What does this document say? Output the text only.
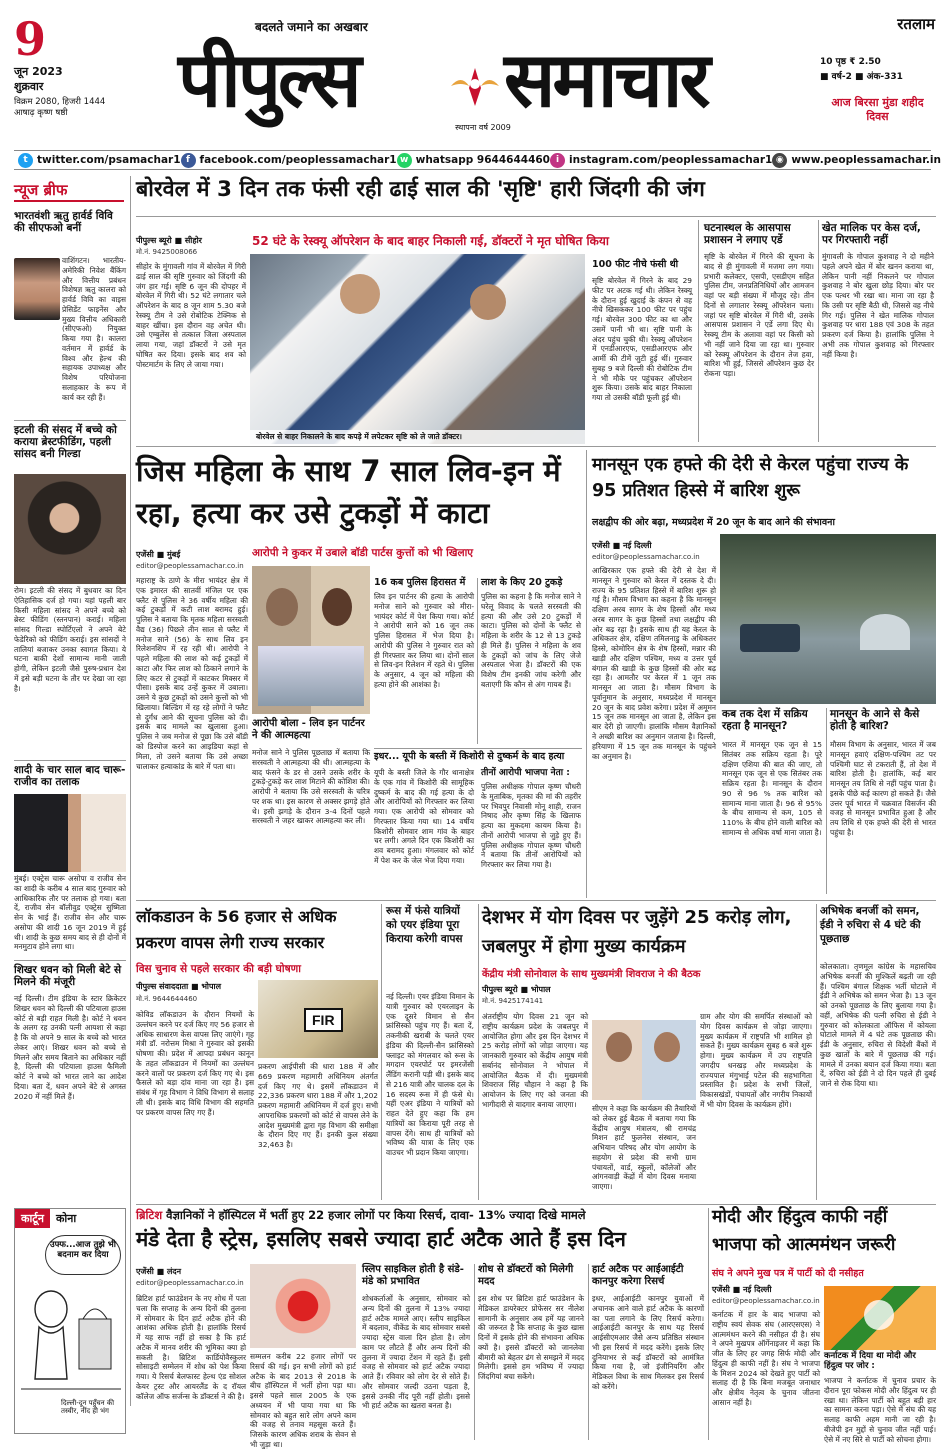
9
जून 2023
शुक्रवार
विक्रम 2080, हिजरी 1444
आषाढ़ कृष्ण षष्ठी
बदलते जमाने का अखबार
पीपुल्स	समाचार
स्थापना वर्ष 2009
रतलाम
10 पृष्ठ ₹ 2.50
■ वर्ष-2 ■ अंक-331
आज बिरसा मुंडा शहीद दिवस
t twitter.com/psamachar1 f facebook.com/peoplessamachar1 w whatsapp 9644644460 i instagram.com/peoplessamachar1 ◉ www.peoplessamachar.in
न्यूज ब्रीफ
भारतवंशी ऋतु हार्वर्ड विवि की सीएफओ बनीं
वाशिंगटन। भारतीय-अमेरिकी निवेश बैंकिंग और वित्तीय प्रबंधन विशेषज्ञ ऋतु कालरा को हार्वर्ड विवि का वाइस प्रेसिडेंट फाइनेंस और मुख्य वित्तीय अधिकारी (सीएफओ) नियुक्त किया गया है। कालरा वर्तमान में हार्वर्ड के विश्व और हेल्थ की सहायक उपाध्यक्ष और विशेष परियोजना सलाहकार के रूप में कार्य कर रही हैं।
इटली की संसद में बच्चे को कराया ब्रेस्टफीडिंग, पहली सांसद बनी गिल्डा
रोम। इटली की संसद में बुधवार का दिन ऐतिहासिक दर्ज हो गया। यहां पहली बार किसी महिला सांसद ने अपने बच्चे को ब्रेस्ट फीडिंग (स्तनपान) कराई। महिला सांसद गिल्डा स्पोर्टिएलो ने अपने बेटे फेडेरिको को फीडिंग कराई। इस सांसदों ने तालियां बजाकर उनका स्वागत किया। ये घटना बाकी देशों सामान्य मानी जाती होगी, लेकिन इटली जैसे पुरुष-प्रधान देश में इसे बड़ी घटना के तौर पर देखा जा रहा है।
शादी के चार साल बाद चारू-राजीव का तलाक
मुंबई। एक्ट्रेस चारू असोपा व राजीव सेन का शादी के करीब 4 साल बाद गुरुवार को आधिकारिक तौर पर तलाक हो गया। बता दें, राजीव सेन बॉलीवुड एक्ट्रेस सुष्मिता सेन के भाई हैं। राजीव सेन और चारू असोपा की शादी 16 जून 2019 में हुई थी। शादी के कुछ समय बाद से ही दोनों में मनमुटाव होने लगा था।
शिखर धवन को मिली बेटे से मिलने की मंजूरी
नई दिल्ली। टीम इंडिया के स्टार क्रिकेटर शिखर धवन को दिल्ली की पटियाला हाउस कोर्ट से बड़ी राहत मिली है। कोर्ट ने धवन के अलग रह उनकी पत्नी आयशा से कहा है कि वो अपने 9 साल के बच्चे को भारत लेकर आएं। शिखर धवन को बच्चे से मिलने और समय बिताने का अधिकार नहीं है, दिल्ली की पटियाला हाउस फैमिली कोर्ट ने बच्चे को भारत लाने का आदेश दिया। बता दें, धवन अपने बेटे से अगस्त 2020 में नहीं मिले हैं।
कार्टून	कोना
उफ्फ...आज तुझे भी बदनाम कर दिया
दिल्ली-दून पहुँचन की तस्वीर, नींद ही भंग
बोरवेल में 3 दिन तक फंसी रही ढाई साल की 'सृष्टि' हारी जिंदगी की जंग
पीपुल्स ब्यूरो ■ सीहोर
मो.नं. 9425008066
52 घंटे के रेस्क्यू ऑपरेशन के बाद बाहर निकाली गई, डॉक्टरों ने मृत घोषित किया
सीहोर के मुंगावली गांव में बोरवेल में गिरी ढाई साल की सृष्टि गुरुवार को जिंदगी की जंग हार गई। सृष्टि 6 जून की दोपहर में बोरवेल में गिरी थी। 52 घंटे लगातार चले ऑपरेशन के बाद 8 जून शाम 5.30 बजे रेस्क्यू टीम ने उसे रोबोटिक टेक्निक से बाहर खींचा। इस दौरान वह अचेत थी। उसे एम्बुलेंस से तत्काल जिला अस्पताल लाया गया, जहां डॉक्टरों ने उसे मृत घोषित कर दिया। इसके बाद शव को पोस्टमार्टम के लिए ले जाया गया।
बोरवेल से बाहर निकालने के बाद कपड़े में लपेटकर सृष्टि को ले जाते डॉक्टर।
100 फीट नीचे फंसी थी
सृष्टि बोरवेल में गिरने के बाद 29 फीट पर अटक गई थी। लेकिन रेस्क्यू के दौरान हुई खुदाई के कंपन से वह नीचे खिसककर 100 फीट पर पहुंच गई। बोरवेल 300 फीट का था और उसमें पानी भी था। सृष्टि पानी के अंदर पहुंच चुकी थी। रेस्क्यू ऑपरेशन में एनडीआरएफ, एसडीआरएफ और आर्मी की टीमें जुटी हुई थीं। गुरुवार सुबह 9 बजे दिल्ली की रोबोटिक टीम ने भी मौके पर पहुंचकर ऑपरेशन शुरू किया। उसके बाद बाहर निकाला गया तो उसकी बॉडी फूली हुई थी।
घटनास्थल के आसपास प्रशासन ने लगाए एर्डे
सृष्टि के बोरवेल में गिरने की सूचना के बाद से ही मुंगावली में मजमा लग गया। प्रभारी कलेक्टर, एसपी, एसडीएम सहित पुलिस टीम, जनप्रतिनिधियों और आमजन वहां पर बड़ी संख्या में मौजूद रहे। तीन दिनों से लगातार रेस्क्यू ऑपरेशन चला। जहां पर सृष्टि बोरवेल में गिरी थी, उसके आसपास प्रशासन ने एर्डे लगा दिए थे। रेस्क्यू टीम के अलावा वहां पर किसी को भी नहीं जाने दिया जा रहा था। गुरुवार को रेस्क्यू ऑपरेशन के दौरान तेज हवा, बारिश भी हुई, जिससे ऑपरेशन कुछ देर रोकना पड़ा।
खेत मालिक पर केस दर्ज, पर गिरफ्तारी नहीं
मुंगावली के गोपाल कुशवाह ने दो महीने पहले अपने खेत में बोर खनन कराया था, लेकिन पानी नहीं निकलने पर गोपाल कुशवाह ने बोर खुला छोड़ दिया। बोर पर एक पत्थर भी रखा था। माना जा रहा है कि उसी पर सृष्टि बैठी थी, जिससे वह नीचे गिर गई। पुलिस ने खेत मालिक गोपाल कुशवाह पर धारा 188 एवं 308 के तहत प्रकरण दर्ज किया है। हालांकि पुलिस ने अभी तक गोपाल कुशवाह को गिरफ्तार नहीं किया है।
जिस महिला के साथ 7 साल लिव-इन में रहा, हत्या कर उसे टुकड़ों में काटा
एजेंसी ■ मुंबई
editor@peoplessamachar.co.in
आरोपी ने कुकर में उबाले बॉडी पार्टस कुत्तों को भी खिलाए
महाराष्ट्र के ठाणे के मीरा भायंदर क्षेत्र में एक इमारत की सातवीं मंजिल पर एक फ्लैट से पुलिस ने 36 वर्षीय महिला की कई टुकड़ों में कटी लाश बरामद हुई। पुलिस ने बताया कि मृतक महिला सरस्वती वैद्य (36) पिछले तीन साल से फ्लैट में मनोज साने (56) के साथ लिव इन रिलेशनशिप में रह रही थी। आरोपी ने पहले महिला की लाश को कई टुकड़ों में काटा और फिर लाश को ठिकाने लगाने के लिए कटर से टुकड़ों में काटकर मिक्सर में पीसा। इसके बाद उन्हें कुकर में उबाला। उसने ये कुछ टुकड़ों को उसने कुत्तों को भी खिलाया। बिल्डिंग में रह रहे लोगों ने फ्लैट से दुर्गंध आने की सूचना पुलिस को दी। इसके बाद मामले का खुलासा हुआ। पुलिस ने जब मनोज से पूछा कि उसे बॉडी को डिस्पोज करने का आइडिया कहां से मिला, तो उसने बताया कि उसे अच्छा चालाकर हत्याकांड के बारे में पता था।
आरोपी बोला - लिव इन पार्टनर ने की आत्महत्या
मनोज साने ने पुलिस पूछताछ में बताया कि सरस्वती ने आत्महत्या की थी। आत्महत्या के बाद फंसने के डर से उसने उसके शरीर के टुकड़े-टुकड़े कर लाश मिटाने की कोशिश की। आरोपी ने बताया कि उसे सरस्वती के चरित्र पर शक था। इस कारण से अक्सर झगड़े होते थे। इसी झगड़े के दौरान 3-4 दिनों पहले सरस्वती ने जहर खाकर आत्महत्या कर ली।
16 कब पुलिस हिरासत में
लिव इन पार्टनर की हत्या के आरोपी मनोज साने को गुरुवार को मीरा-भायंदर कोर्ट में पेश किया गया। कोर्ट ने आरोपी साने को 16 जून तक पुलिस हिरासत में भेज दिया है। आरोपी की पुलिस ने गुरुवार रात को ही गिरफ्तार कर लिया था। दोनों साल से लिव-इन रिलेशन में रहते थे। पुलिस के अनुसार, 4 जून को महिला की हत्या होने की आशंका है।
लाश के किए 20 टुकड़े
पुलिस का कहना है कि मनोज साने ने घरेलू विवाद के चलते सरस्वती की हत्या की और उसे 20 टुकड़ों में काटा। पुलिस को दोनों के फ्लैट से महिला के शरीर के 12 से 13 टुकड़े ही मिले हैं। पुलिस ने महिला के शव के टुकड़ों को जांच के लिए जेजे अस्पताल भेजा है। डॉक्टरों की एक विशेष टीम इनकी जांच करेगी और बताएगी कि कौन से अंग गायब हैं।
इधर... यूपी के बस्ती में किशोरी से दुष्कर्म के बाद हत्या
यूपी के बस्ती जिले के गौर थानाक्षेत्र के एक गांव में किशोरी की सामूहिक दुष्कर्म के बाद की गई हत्या के दो और आरोपियों को गिरफ्तार कर लिया गया। एक आरोपी को सोमवार को गिरफ्तार किया गया था। 14 वर्षीय किशोरी सोमवार शाम गांव के बाहर चर लगी। अगले दिन एक किशोरी का शव बरामद हुआ। मंगलवार को कोर्ट में पेश कर के जेल भेज दिया गया।
तीनों आरोपी भाजपा नेता :
पुलिस अधीक्षक गोपाल कृष्ण चौधरी के मुताबिक, मृतका की मां की तहरीर पर भिवपुर निवासी मोनू शाही, राजन निषाद और कृष्ण सिंह के खिलाफ हत्या का मुकदमा कायम किया है। तीनों आरोपी भाजपा से जुड़े हुए हैं। पुलिस अधीक्षक गोपाल कृष्ण चौधरी ने बताया कि तीनों आरोपियों को गिरफ्तार कर लिया गया है।
मानसून एक हफ्ते की देरी से केरल पहुंचा राज्य के 95 प्रतिशत हिस्से में बारिश शुरू
लक्षद्वीप की ओर बढ़ा, मध्यप्रदेश में 20 जून के बाद आने की संभावना
एजेंसी ■ नई दिल्ली
editor@peoplessamachar.co.in
आखिरकार एक हफ्ते की देरी से देश में मानसून ने गुरुवार को केरल में दस्तक दे दी। राज्य के 95 प्रतिशत हिस्से में बारिश शुरू हो गई है। मौसम विभाग का कहना है कि मानसून दक्षिण अरब सागर के शेष हिस्सों और मध्य अरब सागर के कुछ हिस्सों तथा लक्षद्वीप की ओर बढ़ रहा है। इसके साथ ही यह केरल के अधिकतर क्षेत्र, दक्षिण तमिलनाडु के अधिकतर हिस्से, कोमोरिन क्षेत्र के शेष हिस्सों, मन्नार की खाड़ी और दक्षिण पश्चिम, मध्य व उत्तर पूर्व बंगाल की खाड़ी के कुछ हिस्सों की ओर बढ़ रहा है। आमतौर पर केरल में 1 जून तक मानसून आ जाता है। मौसम विभाग के पूर्वानुमान के अनुसार, मध्यप्रदेश में मानसून 20 जून के बाद प्रवेश करेगा। प्रदेश में अमूमन 15 जून तक मानसून आ जाता है, लेकिन इस बार देरी हो जाएगी। हालांकि मौसम वैज्ञानिकों ने अच्छी बारिश का अनुमान जताया है। दिल्ली, हरियाणा में 15 जून तक मानसून के पहुंचने का अनुमान है।
कब तक देश में सक्रिय रहता है मानसून?
भारत में मानसून एक जून से 15 सितंबर तक सक्रिय रहता है। पूरे दक्षिण एशिया की बात की जाए, तो मानसून एक जून से एक सितंबर तक सक्रिय रहता है। मानसून के दौरान 90 से 96 % तक बारिश को सामान्य माना जाता है। 96 से 95% के बीच सामान्य से कम, 105 से 110% के बीच होने वाली बारिश को सामान्य से अधिक वर्षा माना जाता है।
मानसून के आने से कैसे होती है बारिश?
मौसम विभाग के अनुसार, भारत में जब मानसून हवाएं दक्षिण-पश्चिम तट पर पश्चिमी घाट से टकराती हैं, तो देश में बारिश होती है। हालांकि, कई बार मानसून तय तिथि से नहीं पहुंच पाता है। इसके पीछे कई कारण हो सकते हैं। जैसे उत्तर पूर्व भारत में चक्रवात विसर्जन की वजह से मानसून प्रभावित हुआ है और तय तिथि से एक हफ्ते की देरी से भारत पहुंचा है।
लॉकडाउन के 56 हजार से अधिक प्रकरण वापस लेगी राज्य सरकार
विस चुनाव से पहले सरकार की बड़ी घोषणा
पीपुल्स संवाददाता ■ भोपाल
मो.नं. 9644644460
FIR
कोविड लॉकडाउन के दौरान नियमों के उल्लंघन करने पर दर्ज किए गए 56 हजार से अधिक साधारण केस वापस लिए जाएंगे। गृह मंत्री डॉ. नरोत्तम मिश्रा ने गुरुवार को इसकी घोषणा की। प्रदेश में आपदा प्रबंधन कानून के तहत लॉकडाउन में नियमों का उल्लंघन करने वालों पर प्रकरण दर्ज किए गए थे। इस फैसले को बड़ा दांव माना जा रहा है। इस संबंध में गृह विभाग ने विधि विभाग से सलाह ली थी। इसके बाद विधि विभाग की सहमति पर प्रकरण वापस लिए गए हैं।
प्रकरण आईपीसी की धारा 188 में और 669 प्रकरण महामारी अधिनियम अंतर्गत दर्ज किए गए थे। इसमें लॉकडाउन में 22,336 प्रकरण धारा 188 में और 1,202 प्रकरण महामारी अधिनियम में दर्ज हुए। सभी आपराधिक प्रकरणों को कोर्ट से वापस लेने के आदेश मुख्यमंत्री द्वारा गृह विभाग की समीक्षा के दौरान दिए गए हैं। इनकी कुल संख्या 32,463 है।
रूस में फंसे यात्रियों को एयर इंडिया पूरा किराया करेगी वापस
नई दिल्ली। एयर इंडिया विमान के यात्री गुरुवार को एयरलाइन के एक दूसरे विमान से सैन फ्रांसिस्को पहुंच गए हैं। बता दें, तकनीकी खराबी के चलते एयर इंडिया की दिल्ली-सैन फ्रांसिस्को फ्लाइट को मंगलवार को रूस के मगदान एयरपोर्ट पर इमरजेंसी लैंडिंग करानी पड़ी थी। इसके बाद से 216 यात्री और चालक दल के 16 सदस्य रूस में ही फंसे थे। यहीं एअर इंडिया ने यात्रियों को राहत देते हुए कहा कि हम यात्रियों का किराया पूरी तरह से वापस देंगे। साथ ही यात्रियों को भविष्य की यात्रा के लिए एक वाउचर भी प्रदान किया जाएगा।
देशभर में योग दिवस पर जुड़ेंगे 25 करोड़ लोग, जबलपुर में होगा मुख्य कार्यक्रम
केंद्रीय मंत्री सोनोवाल के साथ मुख्यमंत्री शिवराज ने की बैठक
पीपुल्स ब्यूरो ■ भोपाल
मो.नं. 9425174141
अंतर्राष्ट्रीय योग दिवस 21 जून को राष्ट्रीय कार्यक्रम प्रदेश के जबलपुर में आयोजित होगा और इस दिन देशभर में 25 करोड़ लोगों को जोड़ा जाएगा। यह जानकारी गुरुवार को केंद्रीय आयुष मंत्री सर्बानंद सोनोवाल ने भोपाल में आयोजित बैठक में दी। मुख्यमंत्री शिवराज सिंह चौहान ने कहा है कि आयोजन के लिए गए को जनता की भागीदारी से यादगार बनाया जाएगा।	सीएम ने कहा कि कार्यक्रम की तैयारियों को लेकर हुई बैठक में बताया गया कि केंद्रीय आयुष मंत्रालय, श्री रामचंद्र मिशन हार्ट फुलनेस संस्थान, जन अभियान परिषद और योग आयोग के सहयोग से प्रदेश की सभी ग्राम पंचायतों, वार्ड, स्कूलों, कॉलेजों और आंगनवाड़ी केंद्रों में योग दिवस मनाया जाएगा।
ग्राम और योग की समर्पित संस्थाओं को योग दिवस कार्यक्रम से जोड़ा जाएगा। मुख्य कार्यक्रम में राष्ट्रपति भी शामिल हो सकते हैं। मुख्य कार्यक्रम सुबह 6 बजे शुरू होगा। मुख्य कार्यक्रम में उप राष्ट्रपति जगदीप धनखड़ और मध्यप्रदेश के राज्यपाल मंगुभाई पटेल की सहभागिता प्रस्तावित है। प्रदेश के सभी जिलों, विकासखंडों, पंचायतों और नगरीय निकायों में भी योग दिवस के कार्यक्रम होंगे।
अभिषेक बनर्जी को समन, ईडी ने रुचिरा से 4 घंटे की पूछताछ
कोलकाता। तृणमूल कांग्रेस के महासचिव अभिषेक बनर्जी की मुश्किलें बढ़ती जा रही हैं। पश्चिम बंगाल शिक्षक भर्ती घोटाले में ईडी ने अभिषेक को समन भेजा है। 13 जून को उनको पूछताछ के लिए बुलाया गया है। वहीं, अभिषेक की पत्नी रुचिरा से ईडी ने गुरुवार को कोलकाता ऑफिस में कोयला घोटाले मामले में 4 घंटे तक पूछताछ की। ईडी के अनुसार, रुचिरा से विदेशी बैंकों में कुछ खातों के बारे में पूछताछ की गई। मामले में उनका बयान दर्ज किया गया। बता दें, रुचिरा को ईडी ने दो दिन पहले ही दुबई जाने से रोक दिया था।
ब्रिटिश वैज्ञानिकों ने हॉस्पिटल में भर्ती हुए 22 हजार लोगों पर किया रिसर्च, दावा- 13% ज्यादा दिखे मामले
मंडे देता है स्ट्रेस, इसलिए सबसे ज्यादा हार्ट अटैक आते हैं इस दिन
एजेंसी ■ लंदन
editor@peoplessamachar.co.in
ब्रिटिश हार्ट फाउंडेशन के नए शोध में पता चला कि सप्ताह के अन्य दिनों की तुलना में सोमवार के दिन हार्ट अटैक होने की आशंका अधिक होती है। हालांकि रिसर्च में यह साफ नहीं हो सका है कि हार्ट अटैक में मानव शरीर की भूमिका क्या हो सकती है। ब्रिटिश कार्डियोवैस्कुलर सोसाइटी सम्मेलन में शोध को पेश किया गया। ये रिसर्च बेलफास्ट हेल्थ एंड सोशल केयर ट्रस्ट और आयरलैंड के द रॉयल कॉलेज ऑफ सर्जन्स के डॉक्टर्स ने की है।
सम्मलन करीब 22 हजार लोगों पर रिसर्च की गई। इन सभी लोगों को हार्ट अटैक के बाद 2013 से 2018 के बीच हॉस्पिटल में भर्ती होना पड़ा था। इससे पहले साल 2005 के एक अध्ययन में भी पाया गया था कि सोमवार को बहुत सारे लोग अपने काम की वजह से तनाव महसूस करते हैं। जिसके कारण अधिक शराब के सेवन से भी जुड़ा था।
स्लिप साइकिल होती है संडे-मंडे को प्रभावित
शोधकर्ताओं के अनुसार, सोमवार को अन्य दिनों की तुलना में 13% ज्यादा हार्ट अटैक मामले आए। स्लीप साइकिल में बदलाव, वीकेंड के बाद सोमवार सबसे ज्यादा स्ट्रेस वाला दिन होता है। लोग काम पर लौटते हैं और अन्य दिनों की तुलना में ज्यादा टेंशन में रहते हैं। इसी वजह से सोमवार को हार्ट अटैक ज्यादा आते हैं। रविवार को लोग देर से सोते हैं। और सोमवार जल्दी उठना पड़ता है, इससे उनकी नींद पूरी नहीं होती। इससे भी हार्ट अटैक का खतरा बनता है।
शोध से डॉक्टरों को मिलेगी मदद
इस शोध पर ब्रिटिश हार्ट फाउंडेशन के मेडिकल डायरेक्टर प्रोफेसर सर नीलेश सामानी के अनुसार अब हमें यह जानने की जरूरत है कि सप्ताह के कुछ खास दिनों में इसके होने की संभावना अधिक क्यों है। इससे डॉक्टरों को जानलेवा बीमारी को बेहतर ढंग से समझने में मदद मिलेगी। इससे हम भविष्य में ज्यादा जिंदगियां बचा सकेंगे।
हार्ट अटैक पर आईआईटी कानपुर करेगा रिसर्च
इधर, आईआईटी कानपुर युवाओं में अचानक आने वाले हार्ट अटैक के कारणों का पता लगाने के लिए रिसर्च करेगा। आईआईटी कानपुर के साथ यह रिसर्च आईसीएमआर जैसे अन्य प्रतिष्ठित संस्थान भी इस रिसर्च में मदद करेंगे। इसके लिए दुनियाभर से कई डॉक्टरों को आमंत्रित किया गया है, जो इंजीनियरिंग और मेडिकल विधा के साथ मिलकर इस रिसर्च को करेंगे।
मोदी और हिंदुत्व काफी नहीं
भाजपा को आत्ममंथन जरूरी
संघ ने अपने मुख पत्र में पार्टी को दी नसीहत
एजेंसी ■ नई दिल्ली
editor@peoplessamachar.co.in
कर्नाटक में हार के बाद भाजपा को राष्ट्रीय स्वयं सेवक संघ (आरएसएस) ने आत्ममंथन करने की नसीहत दी है। संघ ने अपने मुखपत्र ऑर्गेनाइजर में कहा कि जीत के लिए हर जगह सिर्फ मोदी और हिंदुत्व ही काफी नहीं है। संघ ने भाजपा के मिशन 2024 को देखते हुए पार्टी को सलाह दी है कि बिना मजबूत जनाधार और क्षेत्रीय नेतृत्व के चुनाव जीतना आसान नहीं है।
कर्नाटक में दिया था मोदी और हिंदुत्व पर जोर :
भाजपा ने कर्नाटक में चुनाव प्रचार के दौरान पूरा फोकस मोदी और हिंदुत्व पर ही रखा था। लेकिन पार्टी को बहुत बड़ी हार का सामना करना पड़ा। ऐसे में संघ की यह सलाह काफी अहम मानी जा रही है। बीजेपी इन मुद्दों से चुनाव जीत नहीं पाई। ऐसे में नए सिरे से पार्टी को सोचना होगा।
